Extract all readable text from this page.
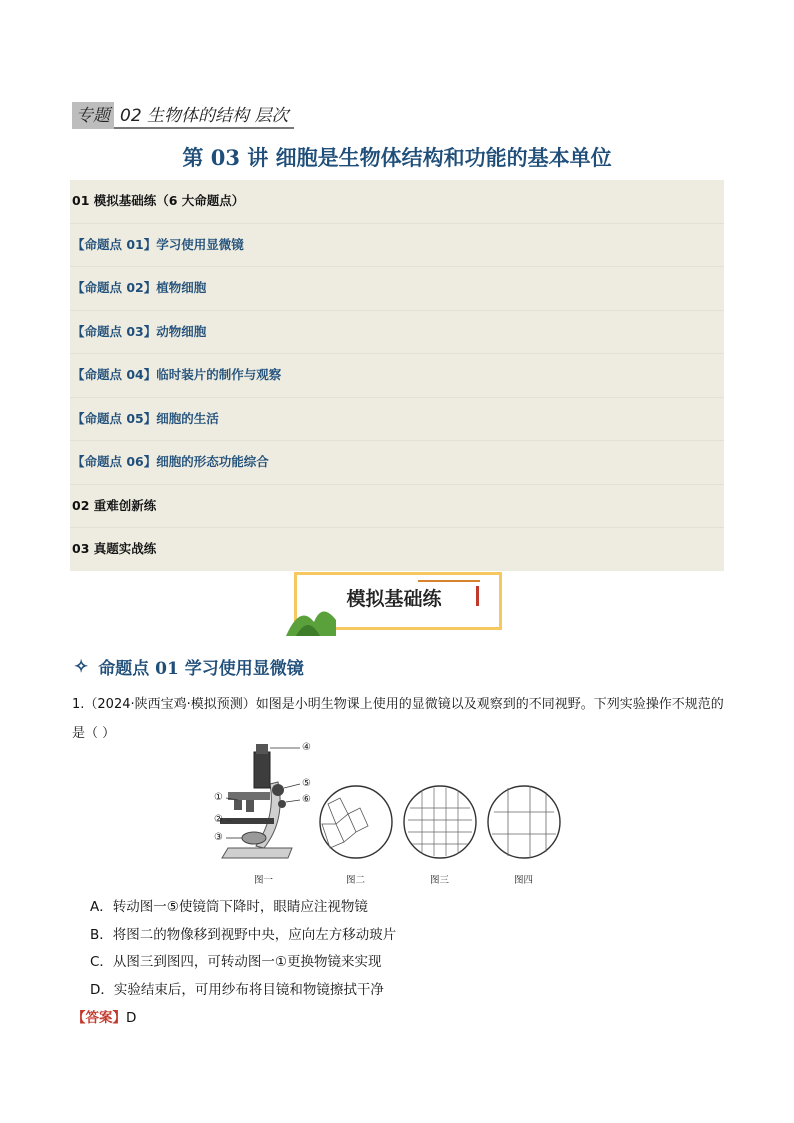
专题 02 生物体的结构 层次
第 03 讲 细胞是生物体结构和功能的基本单位
01 模拟基础练（6 大命题点）
【命题点 01】学习使用显微镜
【命题点 02】植物细胞
【命题点 03】动物细胞
【命题点 04】临时装片的制作与观察
【命题点 05】细胞的生活
【命题点 06】细胞的形态功能综合
02 重难创新练
03 真题实战练
模拟基础练
✧ 命题点 01 学习使用显微镜
1.（2024·陕西宝鸡·模拟预测）如图是小明生物课上使用的显微镜以及观察到的不同视野。下列实验操作不规范的是（ ）
④
⑤
⑥
①
②
③
图一	图二	图三	图四
A．转动图一⑤使镜筒下降时，眼睛应注视物镜
B．将图二的物像移到视野中央，应向左方移动玻片
C．从图三到图四，可转动图一①更换物镜来实现
D．实验结束后，可用纱布将目镜和物镜擦拭干净
【答案】D
